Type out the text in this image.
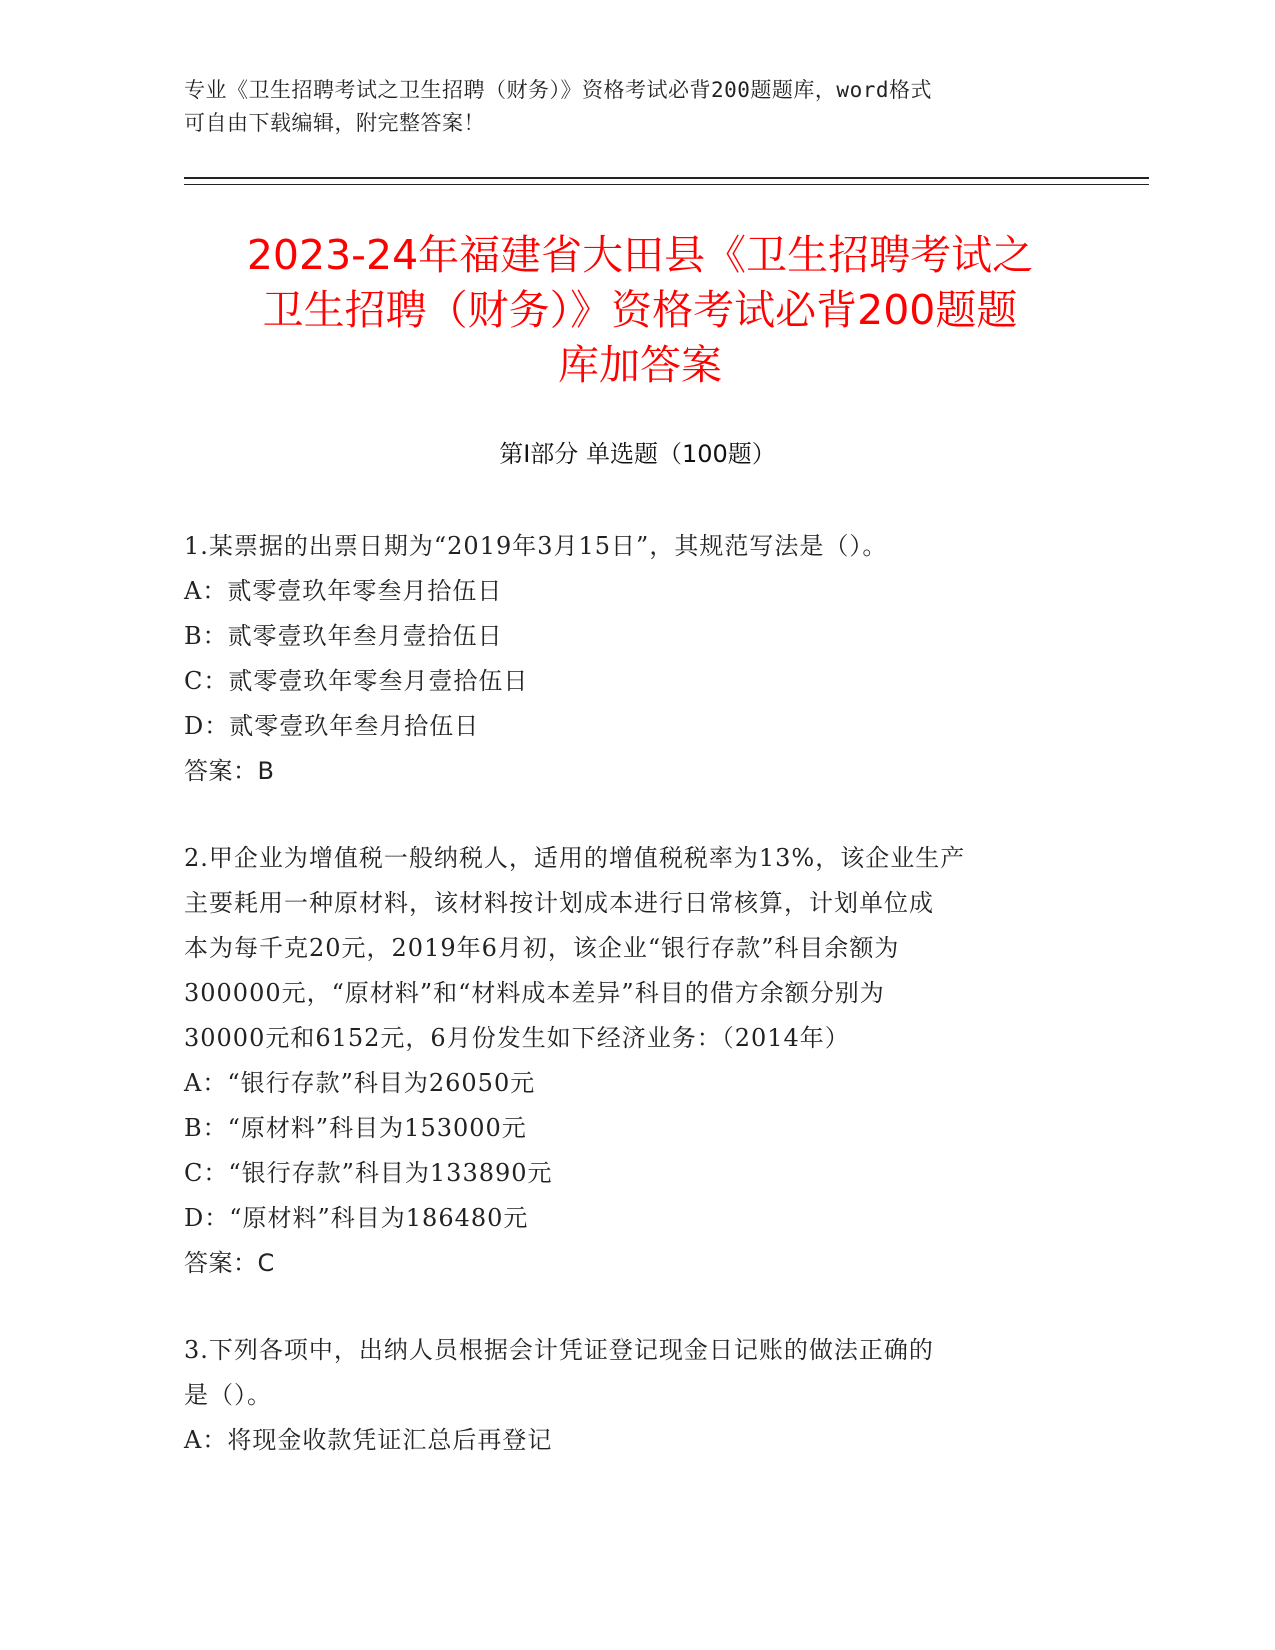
专业《卫生招聘考试之卫生招聘（财务）》资格考试必背200题题库，word格式
可自由下载编辑，附完整答案！
2023-24年福建省大田县《卫生招聘考试之
卫生招聘（财务）》资格考试必背200题题
库加答案
第Ⅰ部分 单选题（100题）
1.某票据的出票日期为“2019年3月15日”，其规范写法是（）。
A：贰零壹玖年零叁月拾伍日
B：贰零壹玖年叁月壹拾伍日
C：贰零壹玖年零叁月壹拾伍日
D：贰零壹玖年叁月拾伍日
答案：B
2.甲企业为增值税一般纳税人，适用的增值税税率为13%，该企业生产
主要耗用一种原材料，该材料按计划成本进行日常核算，计划单位成
本为每千克20元，2019年6月初，该企业“银行存款”科目余额为
300000元，“原材料”和“材料成本差异”科目的借方余额分别为
30000元和6152元，6月份发生如下经济业务：（2014年）
A：“银行存款”科目为26050元
B：“原材料”科目为153000元
C：“银行存款”科目为133890元
D：“原材料”科目为186480元
答案：C
3.下列各项中，出纳人员根据会计凭证登记现金日记账的做法正确的
是（）。
A：将现金收款凭证汇总后再登记
